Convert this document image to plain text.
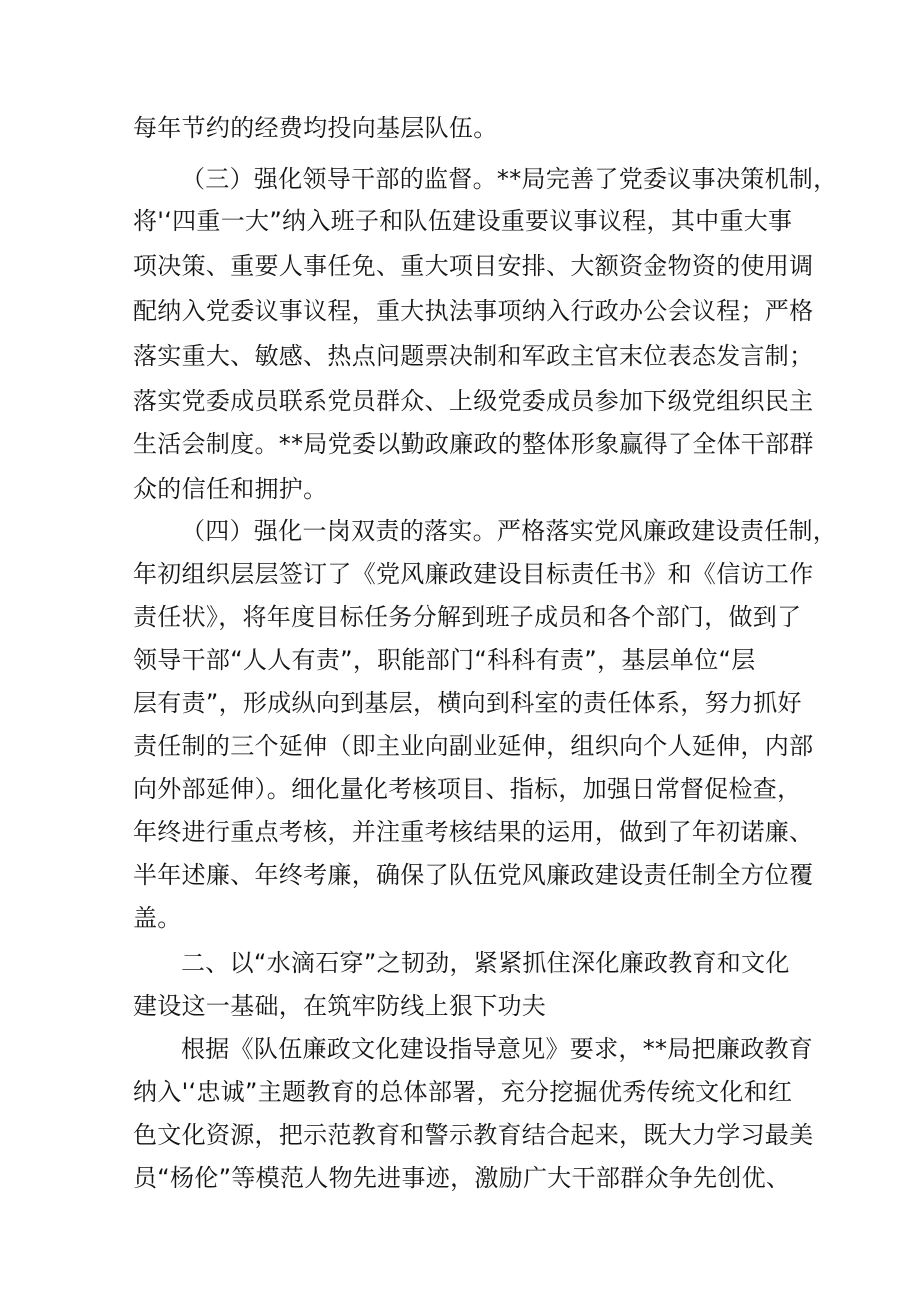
每年节约的经费均投向基层队伍。

（三）强化领导干部的监督。**局完善了党委议事决策机制，

将'‘四重一大”纳入班子和队伍建设重要议事议程，其中重大事

项决策、重要人事任免、重大项目安排、大额资金物资的使用调

配纳入党委议事议程，重大执法事项纳入行政办公会议程；严格

落实重大、敏感、热点问题票决制和军政主官末位表态发言制；

落实党委成员联系党员群众、上级党委成员参加下级党组织民主

生活会制度。**局党委以勤政廉政的整体形象赢得了全体干部群

众的信任和拥护。

（四）强化一岗双责的落实。严格落实党风廉政建设责任制，

年初组织层层签订了《党风廉政建设目标责任书》和《信访工作

责任状》，将年度目标任务分解到班子成员和各个部门，做到了

领导干部“人人有责”，职能部门“科科有责”，基层单位“层

层有责”，形成纵向到基层，横向到科室的责任体系，努力抓好

责任制的三个延伸（即主业向副业延伸，组织向个人延伸，内部

向外部延伸）。细化量化考核项目、指标，加强日常督促检查，

年终进行重点考核，并注重考核结果的运用，做到了年初诺廉、

半年述廉、年终考廉，确保了队伍党风廉政建设责任制全方位覆

盖。

二、以“水滴石穿”之韧劲，紧紧抓住深化廉政教育和文化

建设这一基础，在筑牢防线上狠下功夫

根据《队伍廉政文化建设指导意见》要求，**局把廉政教育

纳入'‘忠诚”主题教育的总体部署，充分挖掘优秀传统文化和红

色文化资源，把示范教育和警示教育结合起来，既大力学习最美

员“杨伦”等模范人物先进事迹，激励广大干部群众争先创优、
